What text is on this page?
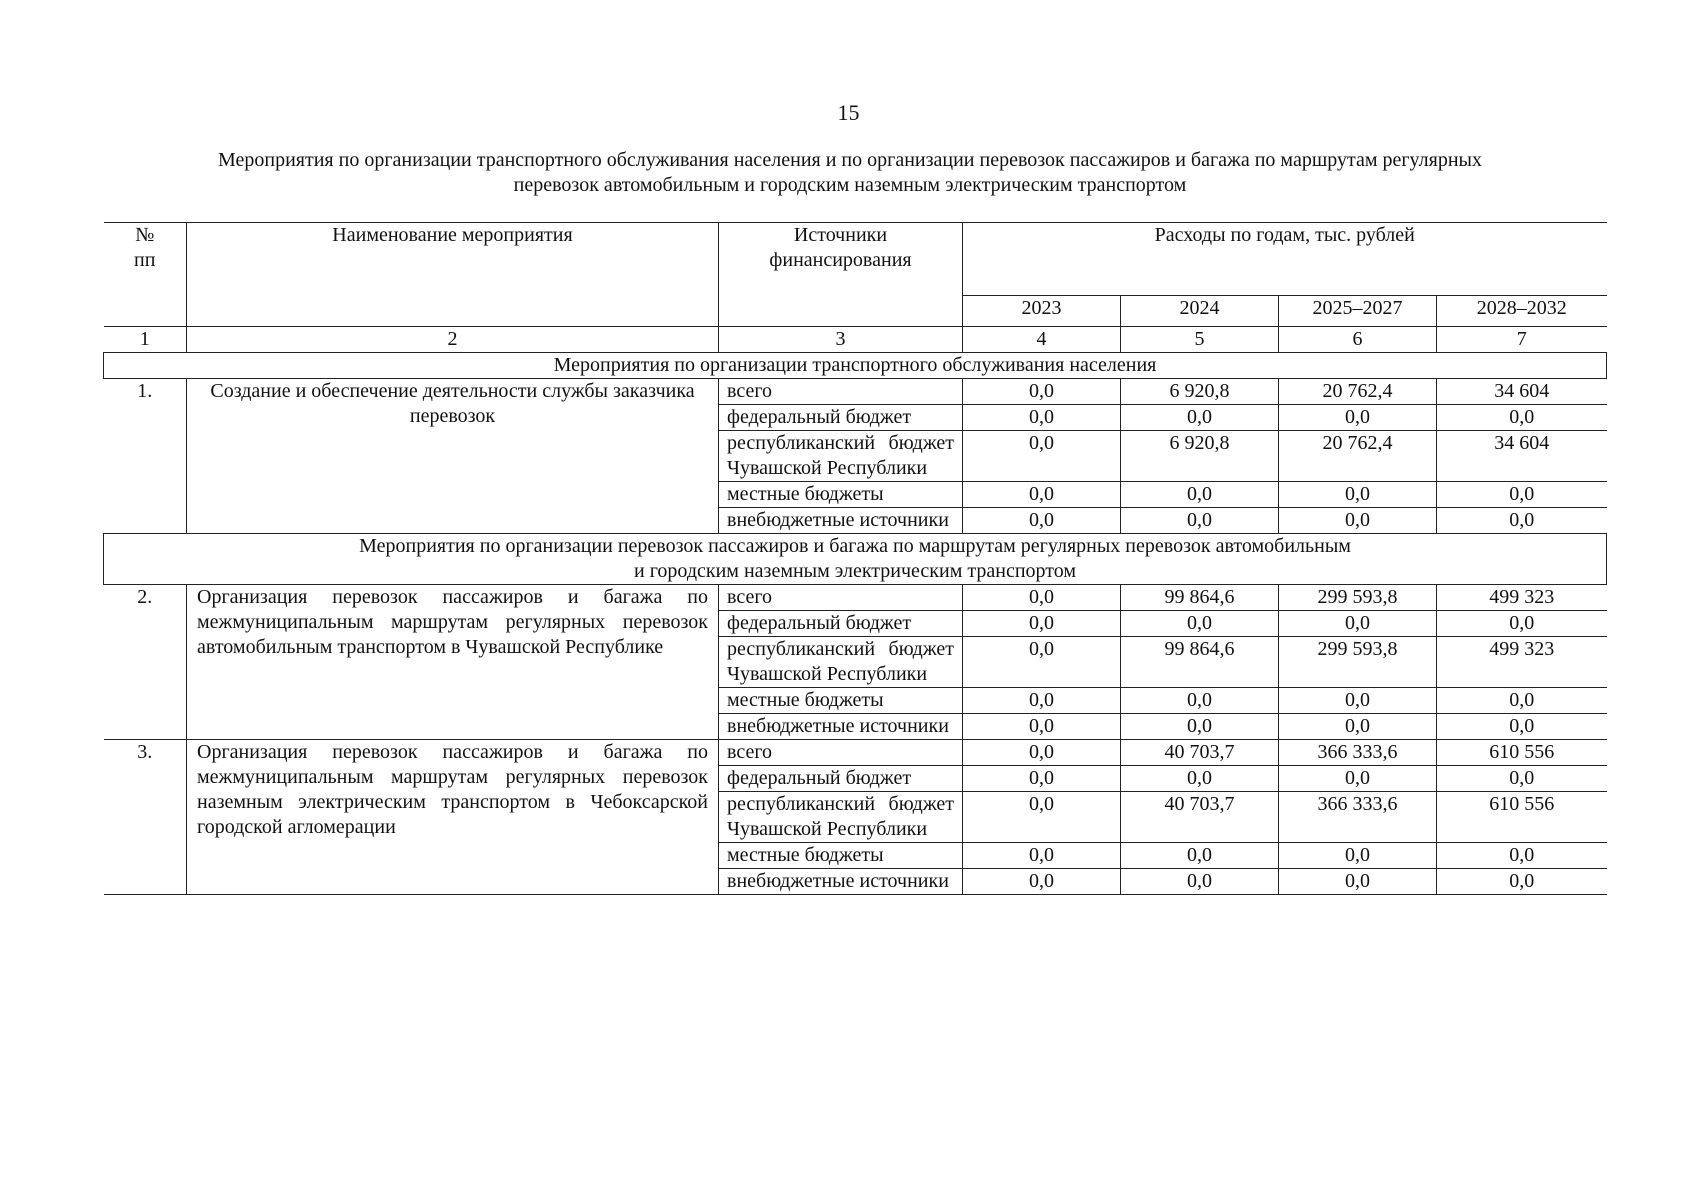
15
Мероприятия по организации транспортного обслуживания населения и по организации перевозок пассажиров и багажа по маршрутам регулярных
перевозок автомобильным и городским наземным электрическим транспортом
№ пп	Наименование мероприятия	Источники финансирования	Расходы по годам, тыс. рублей			
			2023	2024	2025–2027	2028–2032
1	2	3	4	5	6	7

Мероприятия по организации транспортного обслуживания населения						

1.	Создание и обеспечение деятельности службы заказчика перевозок	всего	0,0	6 920,8	20 762,4	34 604
		федеральный бюджет	0,0	0,0	0,0	0,0
		республиканский бюджет Чувашской Республики	0,0	6 920,8	20 762,4	34 604
		местные бюджеты	0,0	0,0	0,0	0,0
		внебюджетные источники	0,0	0,0	0,0	0,0

Мероприятия по организации перевозок пассажиров и багажа по маршрутам регулярных перевозок автомобильным
и городским наземным электрическим транспортом						

2.	Организация перевозок пассажиров и багажа по межмуниципальным маршрутам регулярных перевозок автомобильным транспортом в Чувашской Республике	всего	0,0	99 864,6	299 593,8	499 323
		федеральный бюджет	0,0	0,0	0,0	0,0
		республиканский бюджет Чувашской Республики	0,0	99 864,6	299 593,8	499 323
		местные бюджеты	0,0	0,0	0,0	0,0
		внебюджетные источники	0,0	0,0	0,0	0,0
3.	Организация перевозок пассажиров и багажа по межмуниципальным маршрутам регулярных перевозок наземным электрическим транспортом в Чебоксарской городской агломерации	всего	0,0	40 703,7	366 333,6	610 556
		федеральный бюджет	0,0	0,0	0,0	0,0
		республиканский бюджет Чувашской Республики	0,0	40 703,7	366 333,6	610 556
		местные бюджеты	0,0	0,0	0,0	0,0
		внебюджетные источники	0,0	0,0	0,0	0,0
